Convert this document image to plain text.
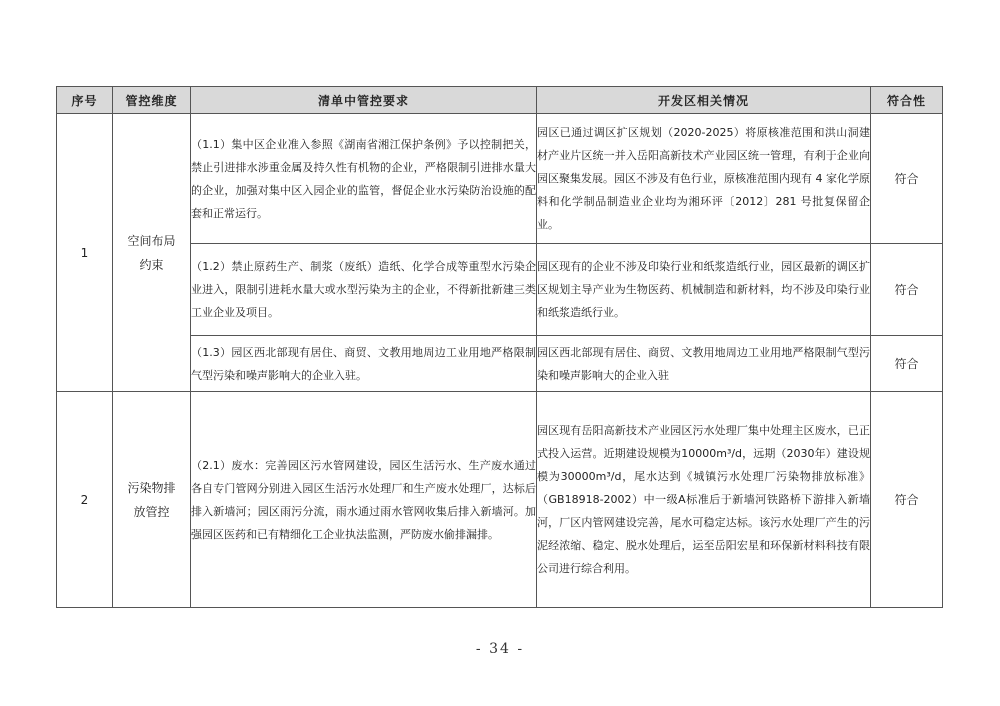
序号	管控维度	清单中管控要求	开发区相关情况	符合性
1	空间布局约束	（1.1）集中区企业准入参照《湖南省湘江保护条例》予以控制把关，禁止引进排水涉重金属及持久性有机物的企业，严格限制引进排水量大的企业，加强对集中区入园企业的监管，督促企业水污染防治设施的配套和正常运行。	园区已通过调区扩区规划（2020-2025）将原核准范围和洪山洞建材产业片区统一并入岳阳高新技术产业园区统一管理，有利于企业向园区聚集发展。园区不涉及有色行业，原核准范围内现有 4 家化学原料和化学制品制造业企业均为湘环评〔2012〕281 号批复保留企业。	符合
		（1.2）禁止原药生产、制浆（废纸）造纸、化学合成等重型水污染企业进入，限制引进耗水量大或水型污染为主的企业，不得新批新建三类工业企业及项目。	园区现有的企业不涉及印染行业和纸浆造纸行业，园区最新的调区扩区规划主导产业为生物医药、机械制造和新材料，均不涉及印染行业和纸浆造纸行业。	符合
		（1.3）园区西北部现有居住、商贸、文教用地周边工业用地严格限制气型污染和噪声影响大的企业入驻。	园区西北部现有居住、商贸、文教用地周边工业用地严格限制气型污染和噪声影响大的企业入驻	符合
2	污染物排放管控	（2.1）废水：完善园区污水管网建设，园区生活污水、生产废水通过各自专门管网分别进入园区生活污水处理厂和生产废水处理厂，达标后排入新墙河；园区雨污分流，雨水通过雨水管网收集后排入新墙河。加强园区医药和已有精细化工企业执法监测，严防废水偷排漏排。	园区现有岳阳高新技术产业园区污水处理厂集中处理主区废水，已正式投入运营。近期建设规模为10000m³/d，远期（2030年）建设规模为30000m³/d，尾水达到《城镇污水处理厂污染物排放标准》（GB18918-2002）中一级A标准后于新墙河铁路桥下游排入新墙河，厂区内管网建设完善，尾水可稳定达标。该污水处理厂产生的污泥经浓缩、稳定、脱水处理后，运至岳阳宏星和环保新材料科技有限公司进行综合利用。	符合
- 34 -
